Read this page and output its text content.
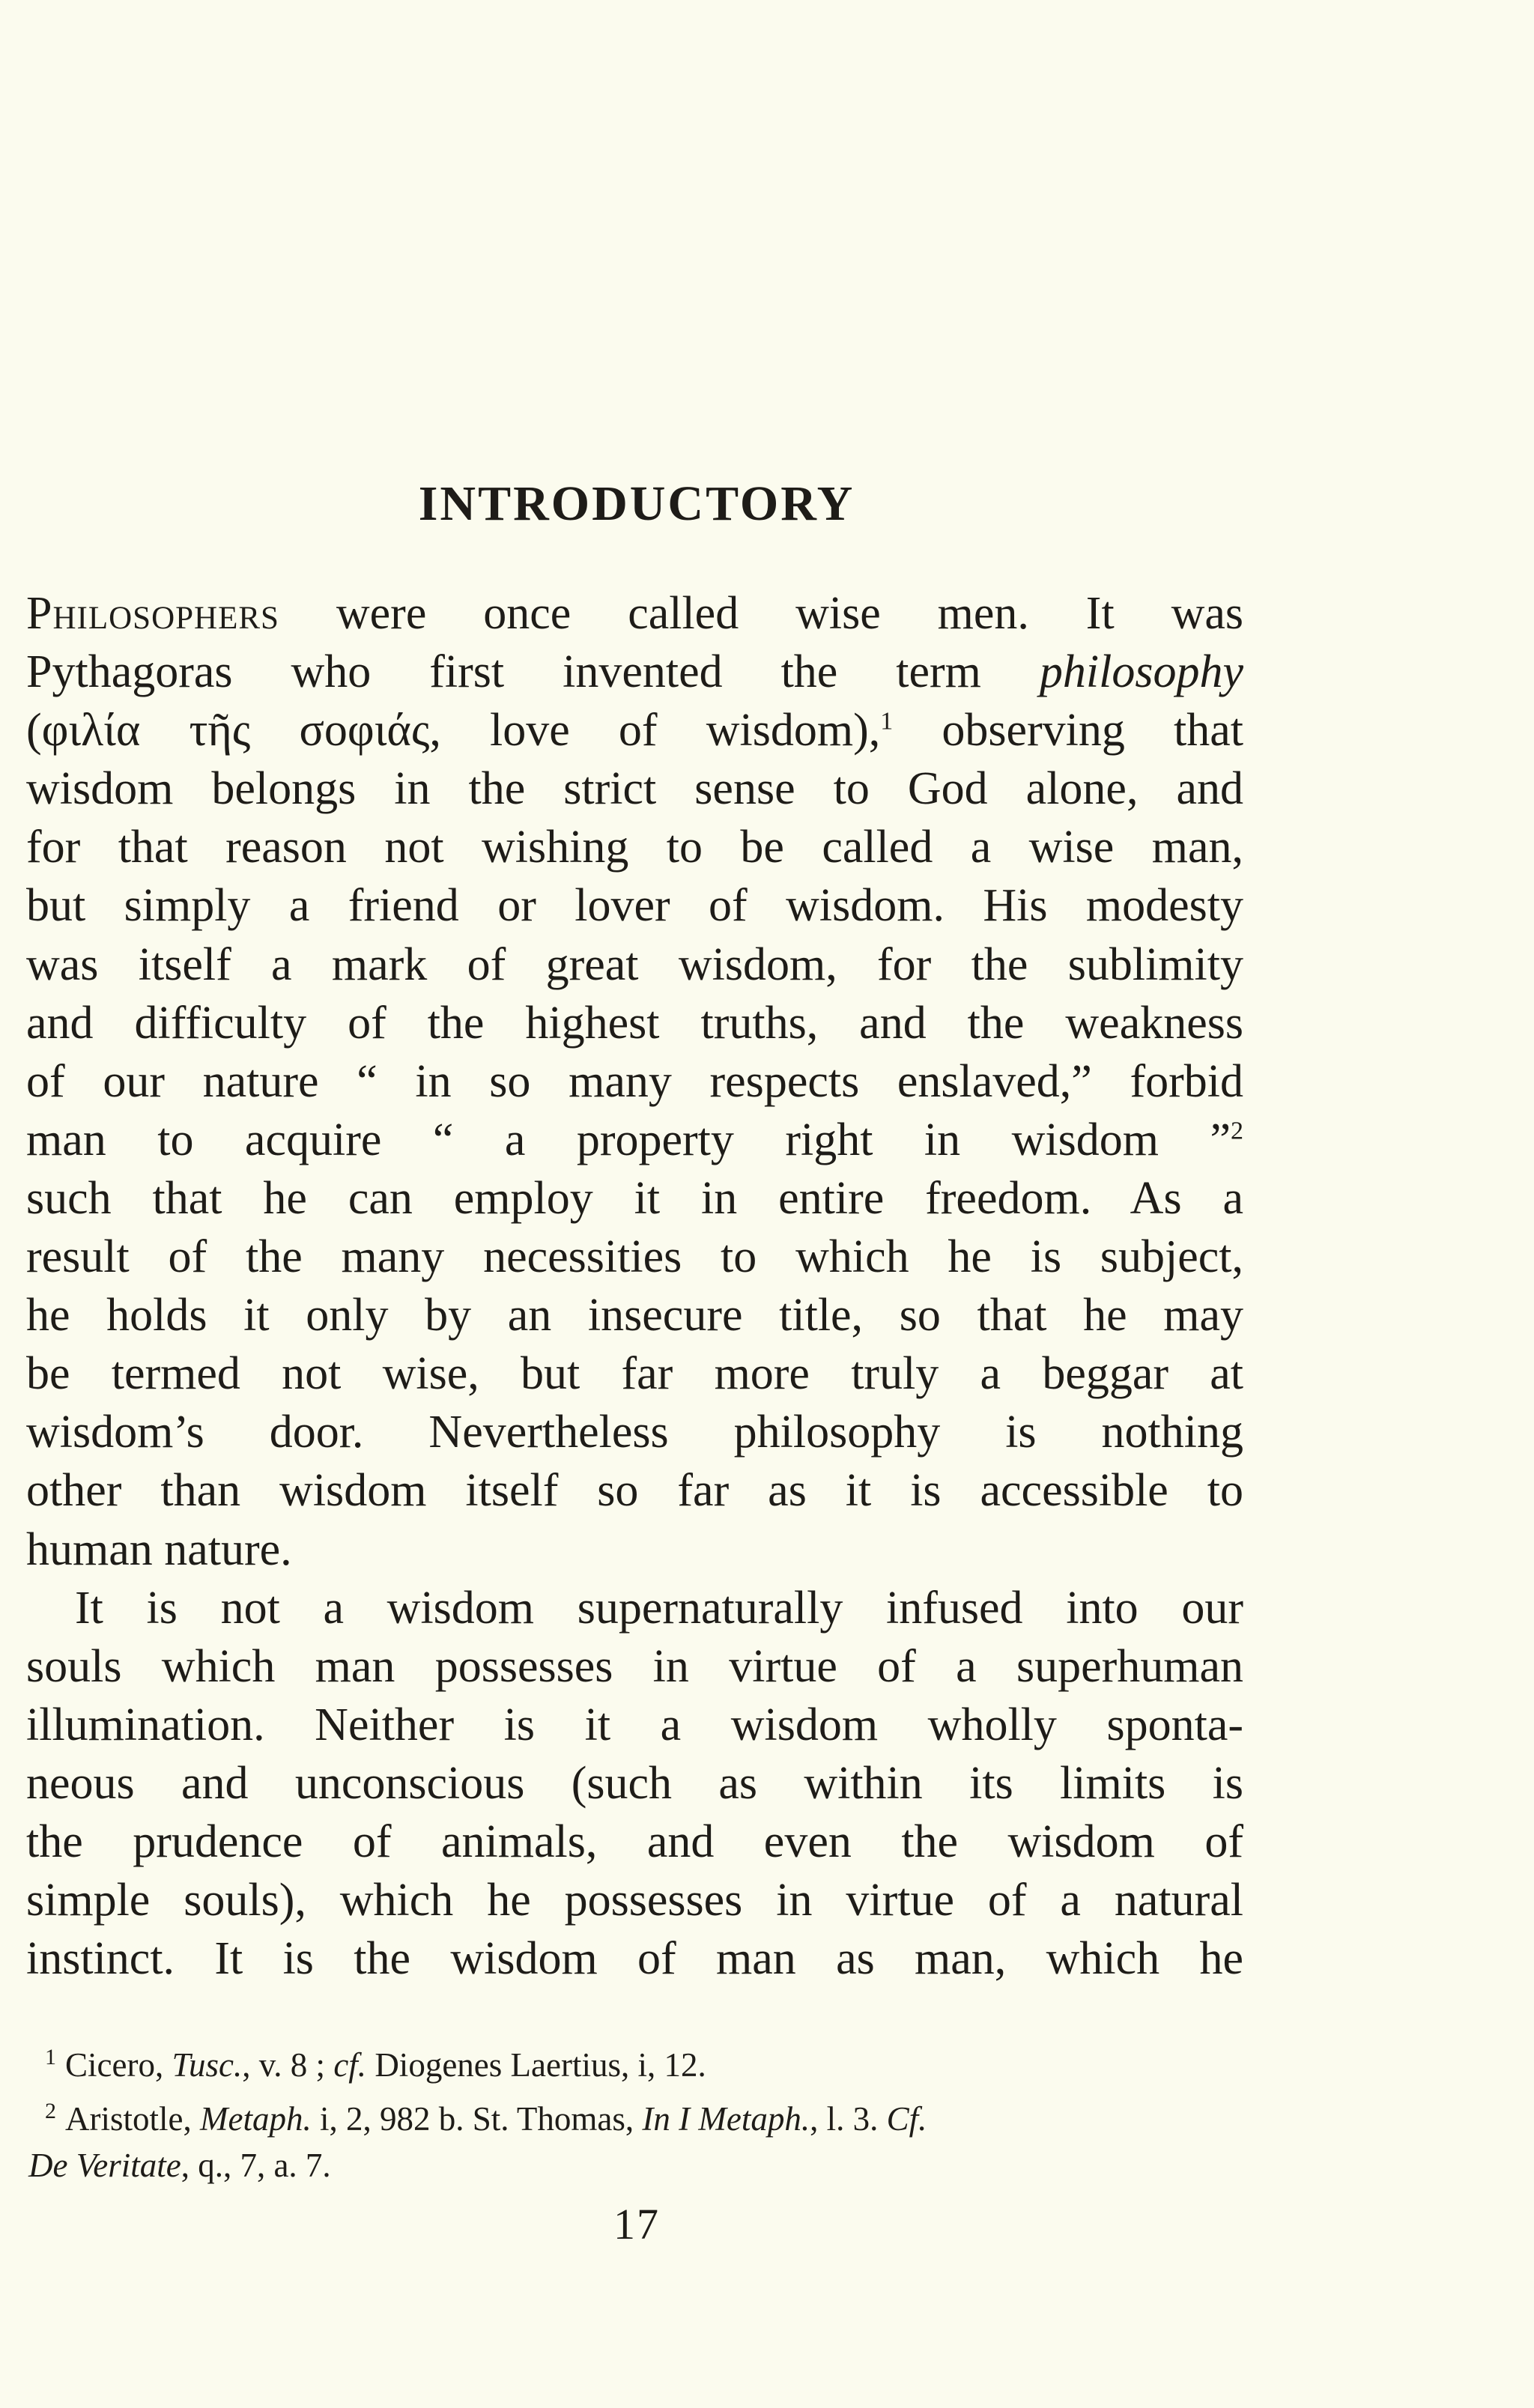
INTRODUCTORY

Philosophers were once called wise men. It was
Pythagoras who first invented the term philosophy
(φιλία τῆς σοφιάς, love of wisdom),$^1$ observing that
wisdom belongs in the strict sense to God alone, and
for that reason not wishing to be called a wise man,
but simply a friend or lover of wisdom. His modesty
was itself a mark of great wisdom, for the sublimity
and difficulty of the highest truths, and the weakness
of our nature “ in so many respects enslaved,” forbid
man to acquire “ a property right in wisdom ”$^2$
such that he can employ it in entire freedom. As a
result of the many necessities to which he is subject,
he holds it only by an insecure title, so that he may
be termed not wise, but far more truly a beggar at
wisdom’s door. Nevertheless philosophy is nothing
other than wisdom itself so far as it is accessible to
human nature.

It is not a wisdom supernaturally infused into our
souls which man possesses in virtue of a superhuman
illumination. Neither is it a wisdom wholly sponta-
neous and unconscious (such as within its limits is
the prudence of animals, and even the wisdom of
simple souls), which he possesses in virtue of a natural
instinct. It is the wisdom of man as man, which he

$^1$ Cicero, Tusc., v. 8 ; cf. Diogenes Laertius, i, 12.

$^2$ Aristotle, Metaph. i, 2, 982 b. St. Thomas, In I Metaph., l. 3. Cf.
De Veritate, q., 7, a. 7.

17
